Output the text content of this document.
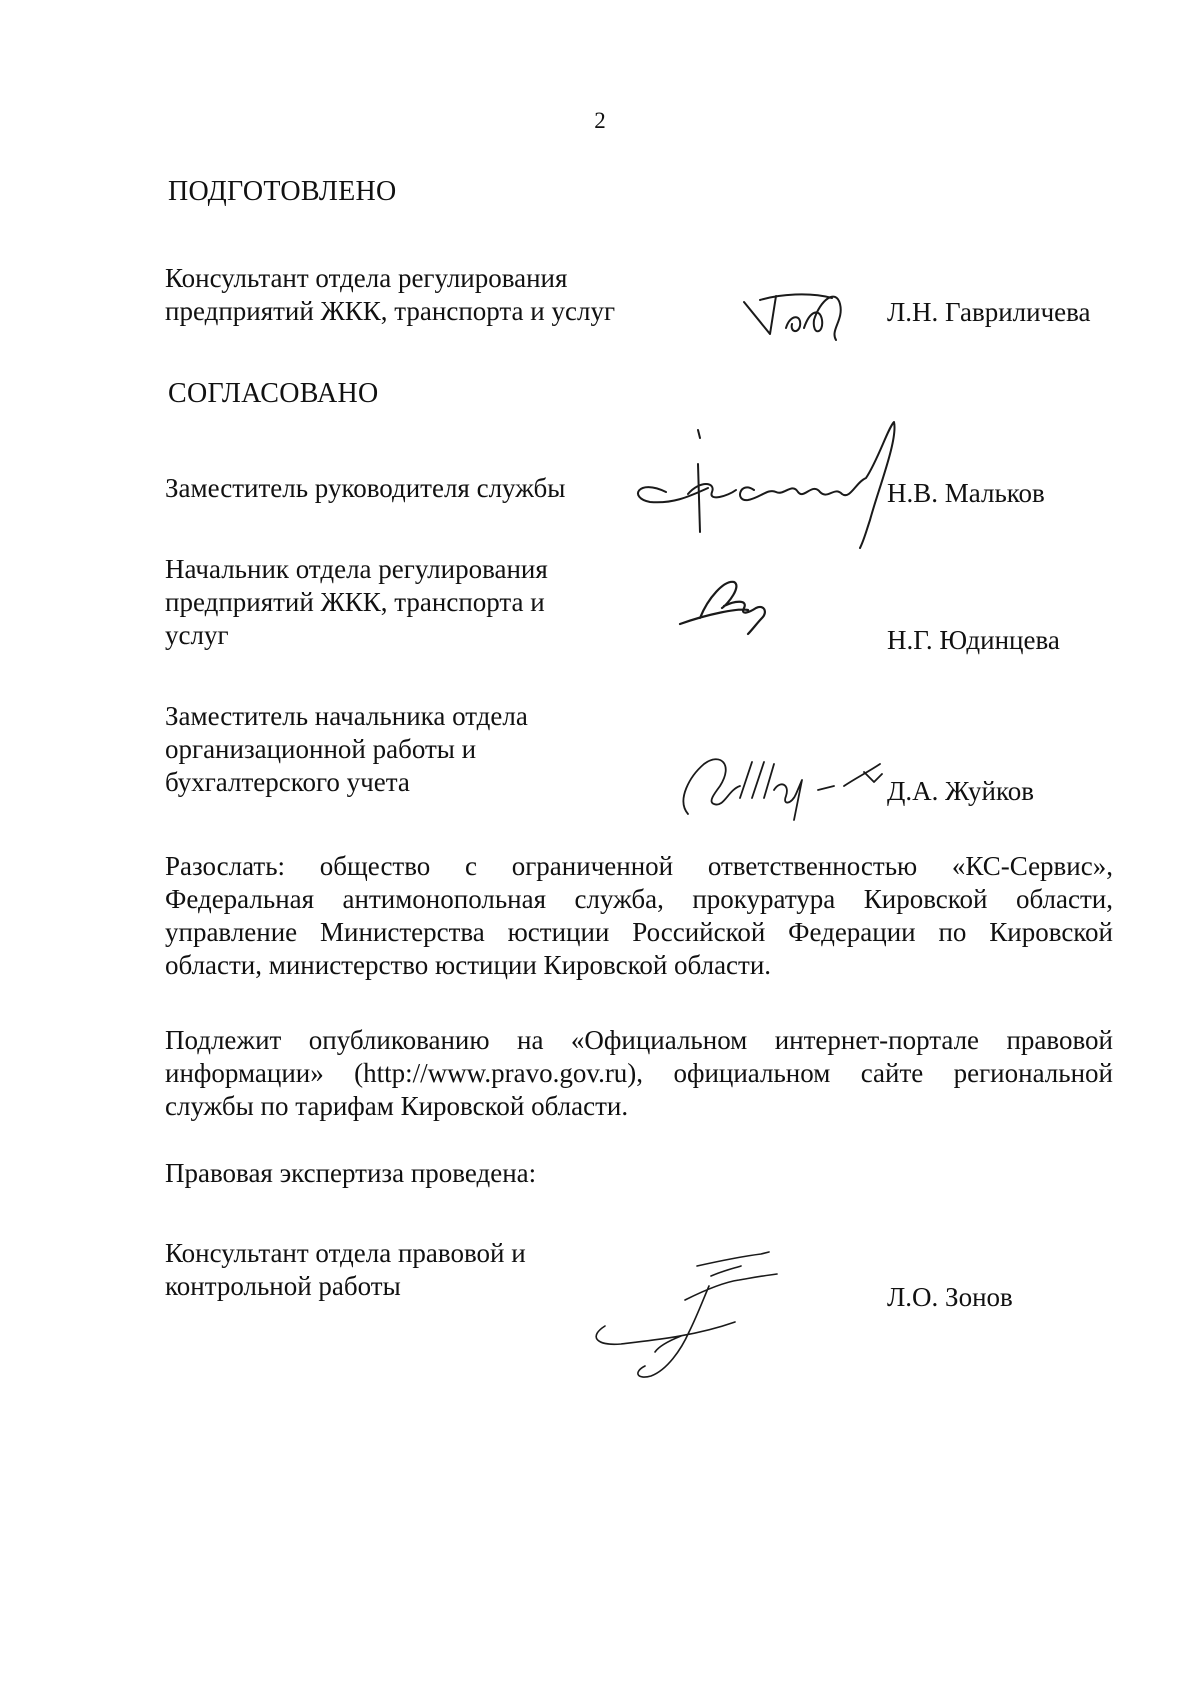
2
ПОДГОТОВЛЕНО
Консультант отдела регулирования предприятий ЖКК, транспорта и услуг	Л.Н. Гавриличева
СОГЛАСОВАНО
Заместитель руководителя службы	Н.В. Мальков
Начальник отдела регулирования предприятий ЖКК, транспорта и услуг	Н.Г. Юдинцева
Заместитель начальника отдела организационной работы и бухгалтерского учета	Д.А. Жуйков
Разослать: общество с ограниченной ответственностью «КС-Сервис», Федеральная антимонопольная служба, прокуратура Кировской области, управление Министерства юстиции Российской Федерации по Кировской области, министерство юстиции Кировской области.
Подлежит опубликованию на «Официальном интернет-портале правовой информации» (http://www.pravo.gov.ru), официальном сайте региональной службы по тарифам Кировской области.
Правовая экспертиза проведена:
Консультант отдела правовой и контрольной работы	Л.О. Зонов
